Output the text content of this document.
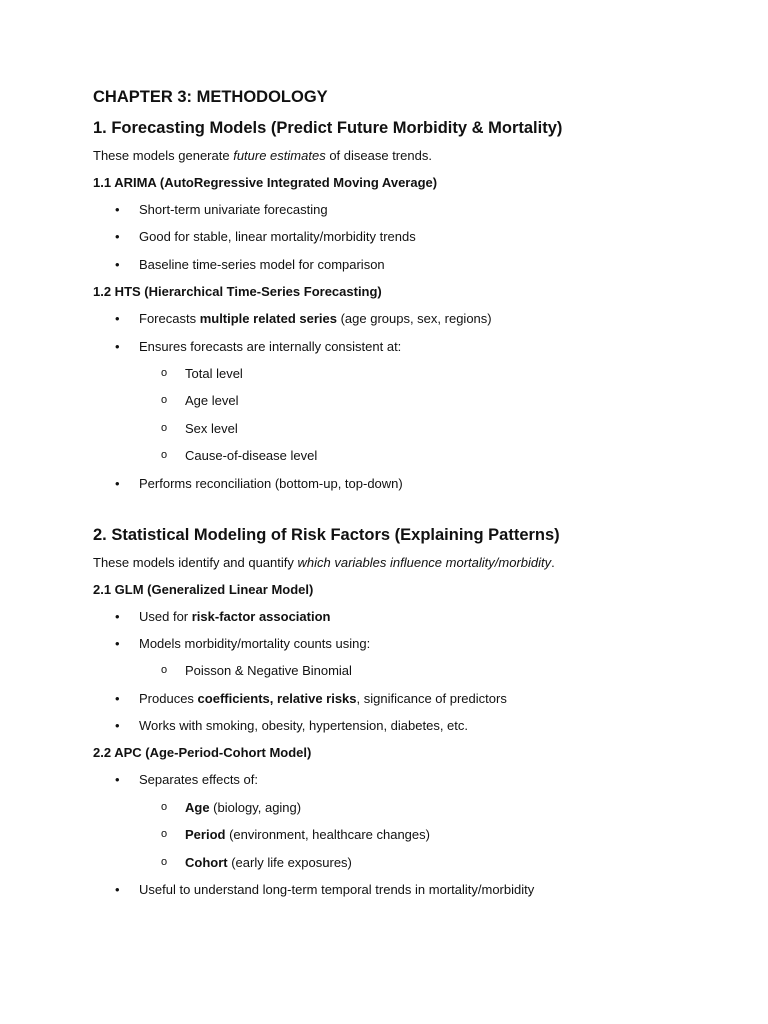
CHAPTER 3: METHODOLOGY
1. Forecasting Models (Predict Future Morbidity & Mortality)
These models generate future estimates of disease trends.
1.1 ARIMA (AutoRegressive Integrated Moving Average)
• Short-term univariate forecasting
• Good for stable, linear mortality/morbidity trends
• Baseline time-series model for comparison
1.2 HTS (Hierarchical Time-Series Forecasting)
• Forecasts multiple related series (age groups, sex, regions)
• Ensures forecasts are internally consistent at:
o Total level
o Age level
o Sex level
o Cause-of-disease level
• Performs reconciliation (bottom-up, top-down)
2. Statistical Modeling of Risk Factors (Explaining Patterns)
These models identify and quantify which variables influence mortality/morbidity.
2.1 GLM (Generalized Linear Model)
• Used for risk-factor association
• Models morbidity/mortality counts using:
o Poisson & Negative Binomial
• Produces coefficients, relative risks, significance of predictors
• Works with smoking, obesity, hypertension, diabetes, etc.
2.2 APC (Age-Period-Cohort Model)
• Separates effects of:
o Age (biology, aging)
o Period (environment, healthcare changes)
o Cohort (early life exposures)
• Useful to understand long-term temporal trends in mortality/morbidity
